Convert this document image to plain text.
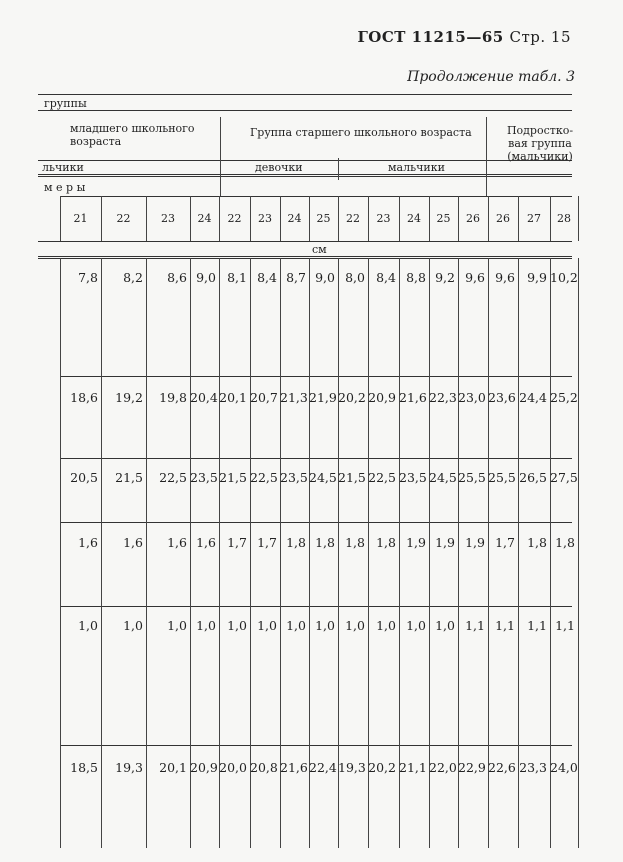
ГОСТ 11215—65 Стр. 15
Продолжение табл. 3
группы
младшего школьного возраста
Группа старшего школьного возраста	Подростко-вая группа (мальчики)
льчики	девочки	мальчики
м е р ы
см
21	22	23	24	22	23	24	25	22	23	24	25	26	26	27	28
7,8	8,2	8,6 9,0 8,1 8,4 8,7 9,0 8,0 8,4 8,8 9,2 9,6 9,6 9,9 10,2
18,6	19,2	19,8 20,4 20,1 20,7 21,3 21,9 20,2 20,9 21,6 22,3 23,0 23,6 24,4 25,2
20,5	21,5	22,5 23,5 21,5 22,5 23,5 24,5 21,5 22,5 23,5 24,5 25,5 25,5 26,5 27,5
1,6	1,6	1,6 1,6 1,7 1,7 1,8 1,8 1,8 1,8 1,9 1,9 1,9 1,7 1,8 1,8
1,0	1,0	1,0 1,0 1,0 1,0 1,0 1,0 1,0 1,0 1,0 1,0 1,1 1,1 1,1 1,1
18,5	19,3	20,1 20,9 20,0 20,8 21,6 22,4 19,3 20,2 21,1 22,0 22,9 22,6 23,3 24,0
